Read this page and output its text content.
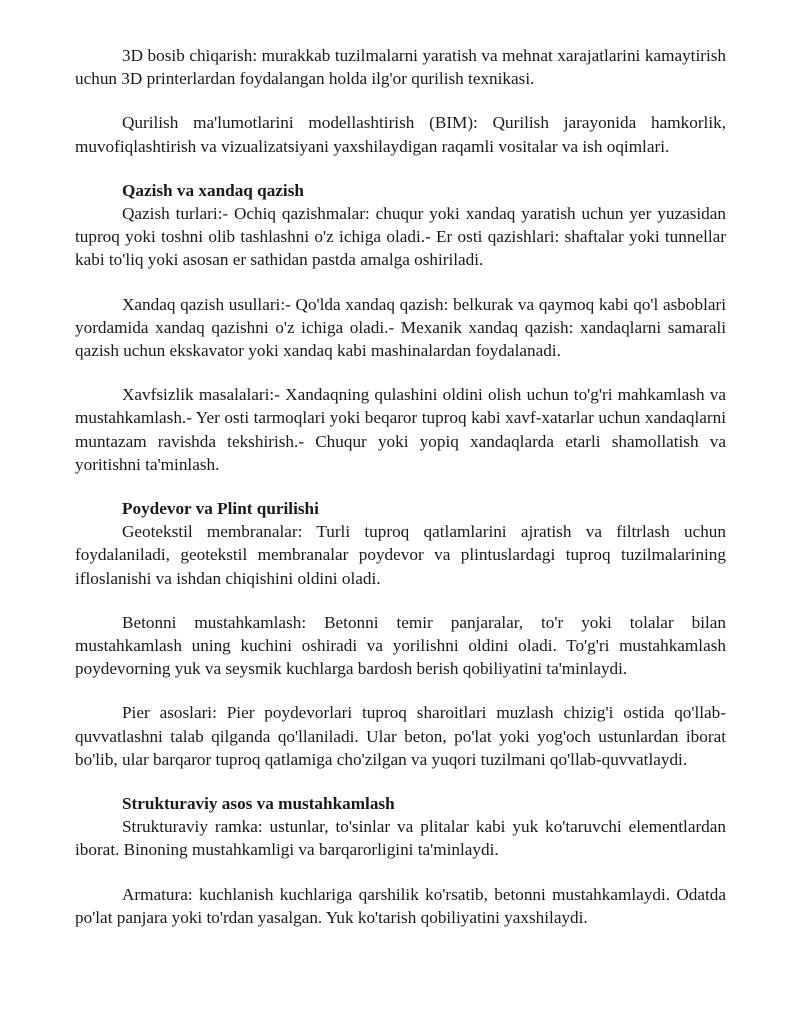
3D bosib chiqarish: murakkab tuzilmalarni yaratish va mehnat xarajatlarini kamaytirish uchun 3D printerlardan foydalangan holda ilg'or qurilish texnikasi.

Qurilish ma'lumotlarini modellashtirish (BIM): Qurilish jarayonida hamkorlik, muvofiqlashtirish va vizualizatsiyani yaxshilaydigan raqamli vositalar va ish oqimlari.

Qazish va xandaq qazish

Qazish turlari:- Ochiq qazishmalar: chuqur yoki xandaq yaratish uchun yer yuzasidan tuproq yoki toshni olib tashlashni o'z ichiga oladi.- Er osti qazishlari: shaftalar yoki tunnellar kabi to'liq yoki asosan er sathidan pastda amalga oshiriladi.

Xandaq qazish usullari:- Qo'lda xandaq qazish: belkurak va qaymoq kabi qo'l asboblari yordamida xandaq qazishni o'z ichiga oladi.- Mexanik xandaq qazish: xandaqlarni samarali qazish uchun ekskavator yoki xandaq kabi mashinalardan foydalanadi.

Xavfsizlik masalalari:- Xandaqning qulashini oldini olish uchun to'g'ri mahkamlash va mustahkamlash.- Yer osti tarmoqlari yoki beqaror tuproq kabi xavf-xatarlar uchun xandaqlarni muntazam ravishda tekshirish.- Chuqur yoki yopiq xandaqlarda etarli shamollatish va yoritishni ta'minlash.

Poydevor va Plint qurilishi

Geotekstil membranalar: Turli tuproq qatlamlarini ajratish va filtrlash uchun foydalaniladi, geotekstil membranalar poydevor va plintuslardagi tuproq tuzilmalarining ifloslanishi va ishdan chiqishini oldini oladi.

Betonni mustahkamlash: Betonni temir panjaralar, to'r yoki tolalar bilan mustahkamlash uning kuchini oshiradi va yorilishni oldini oladi. To'g'ri mustahkamlash poydevorning yuk va seysmik kuchlarga bardosh berish qobiliyatini ta'minlaydi.

Pier asoslari: Pier poydevorlari tuproq sharoitlari muzlash chizig'i ostida qo'llab-quvvatlashni talab qilganda qo'llaniladi. Ular beton, po'lat yoki yog'och ustunlardan iborat bo'lib, ular barqaror tuproq qatlamiga cho'zilgan va yuqori tuzilmani qo'llab-quvvatlaydi.

Strukturaviy asos va mustahkamlash

Strukturaviy ramka: ustunlar, to'sinlar va plitalar kabi yuk ko'taruvchi elementlardan iborat. Binoning mustahkamligi va barqarorligini ta'minlaydi.

Armatura: kuchlanish kuchlariga qarshilik ko'rsatib, betonni mustahkamlaydi. Odatda po'lat panjara yoki to'rdan yasalgan. Yuk ko'tarish qobiliyatini yaxshilaydi.
